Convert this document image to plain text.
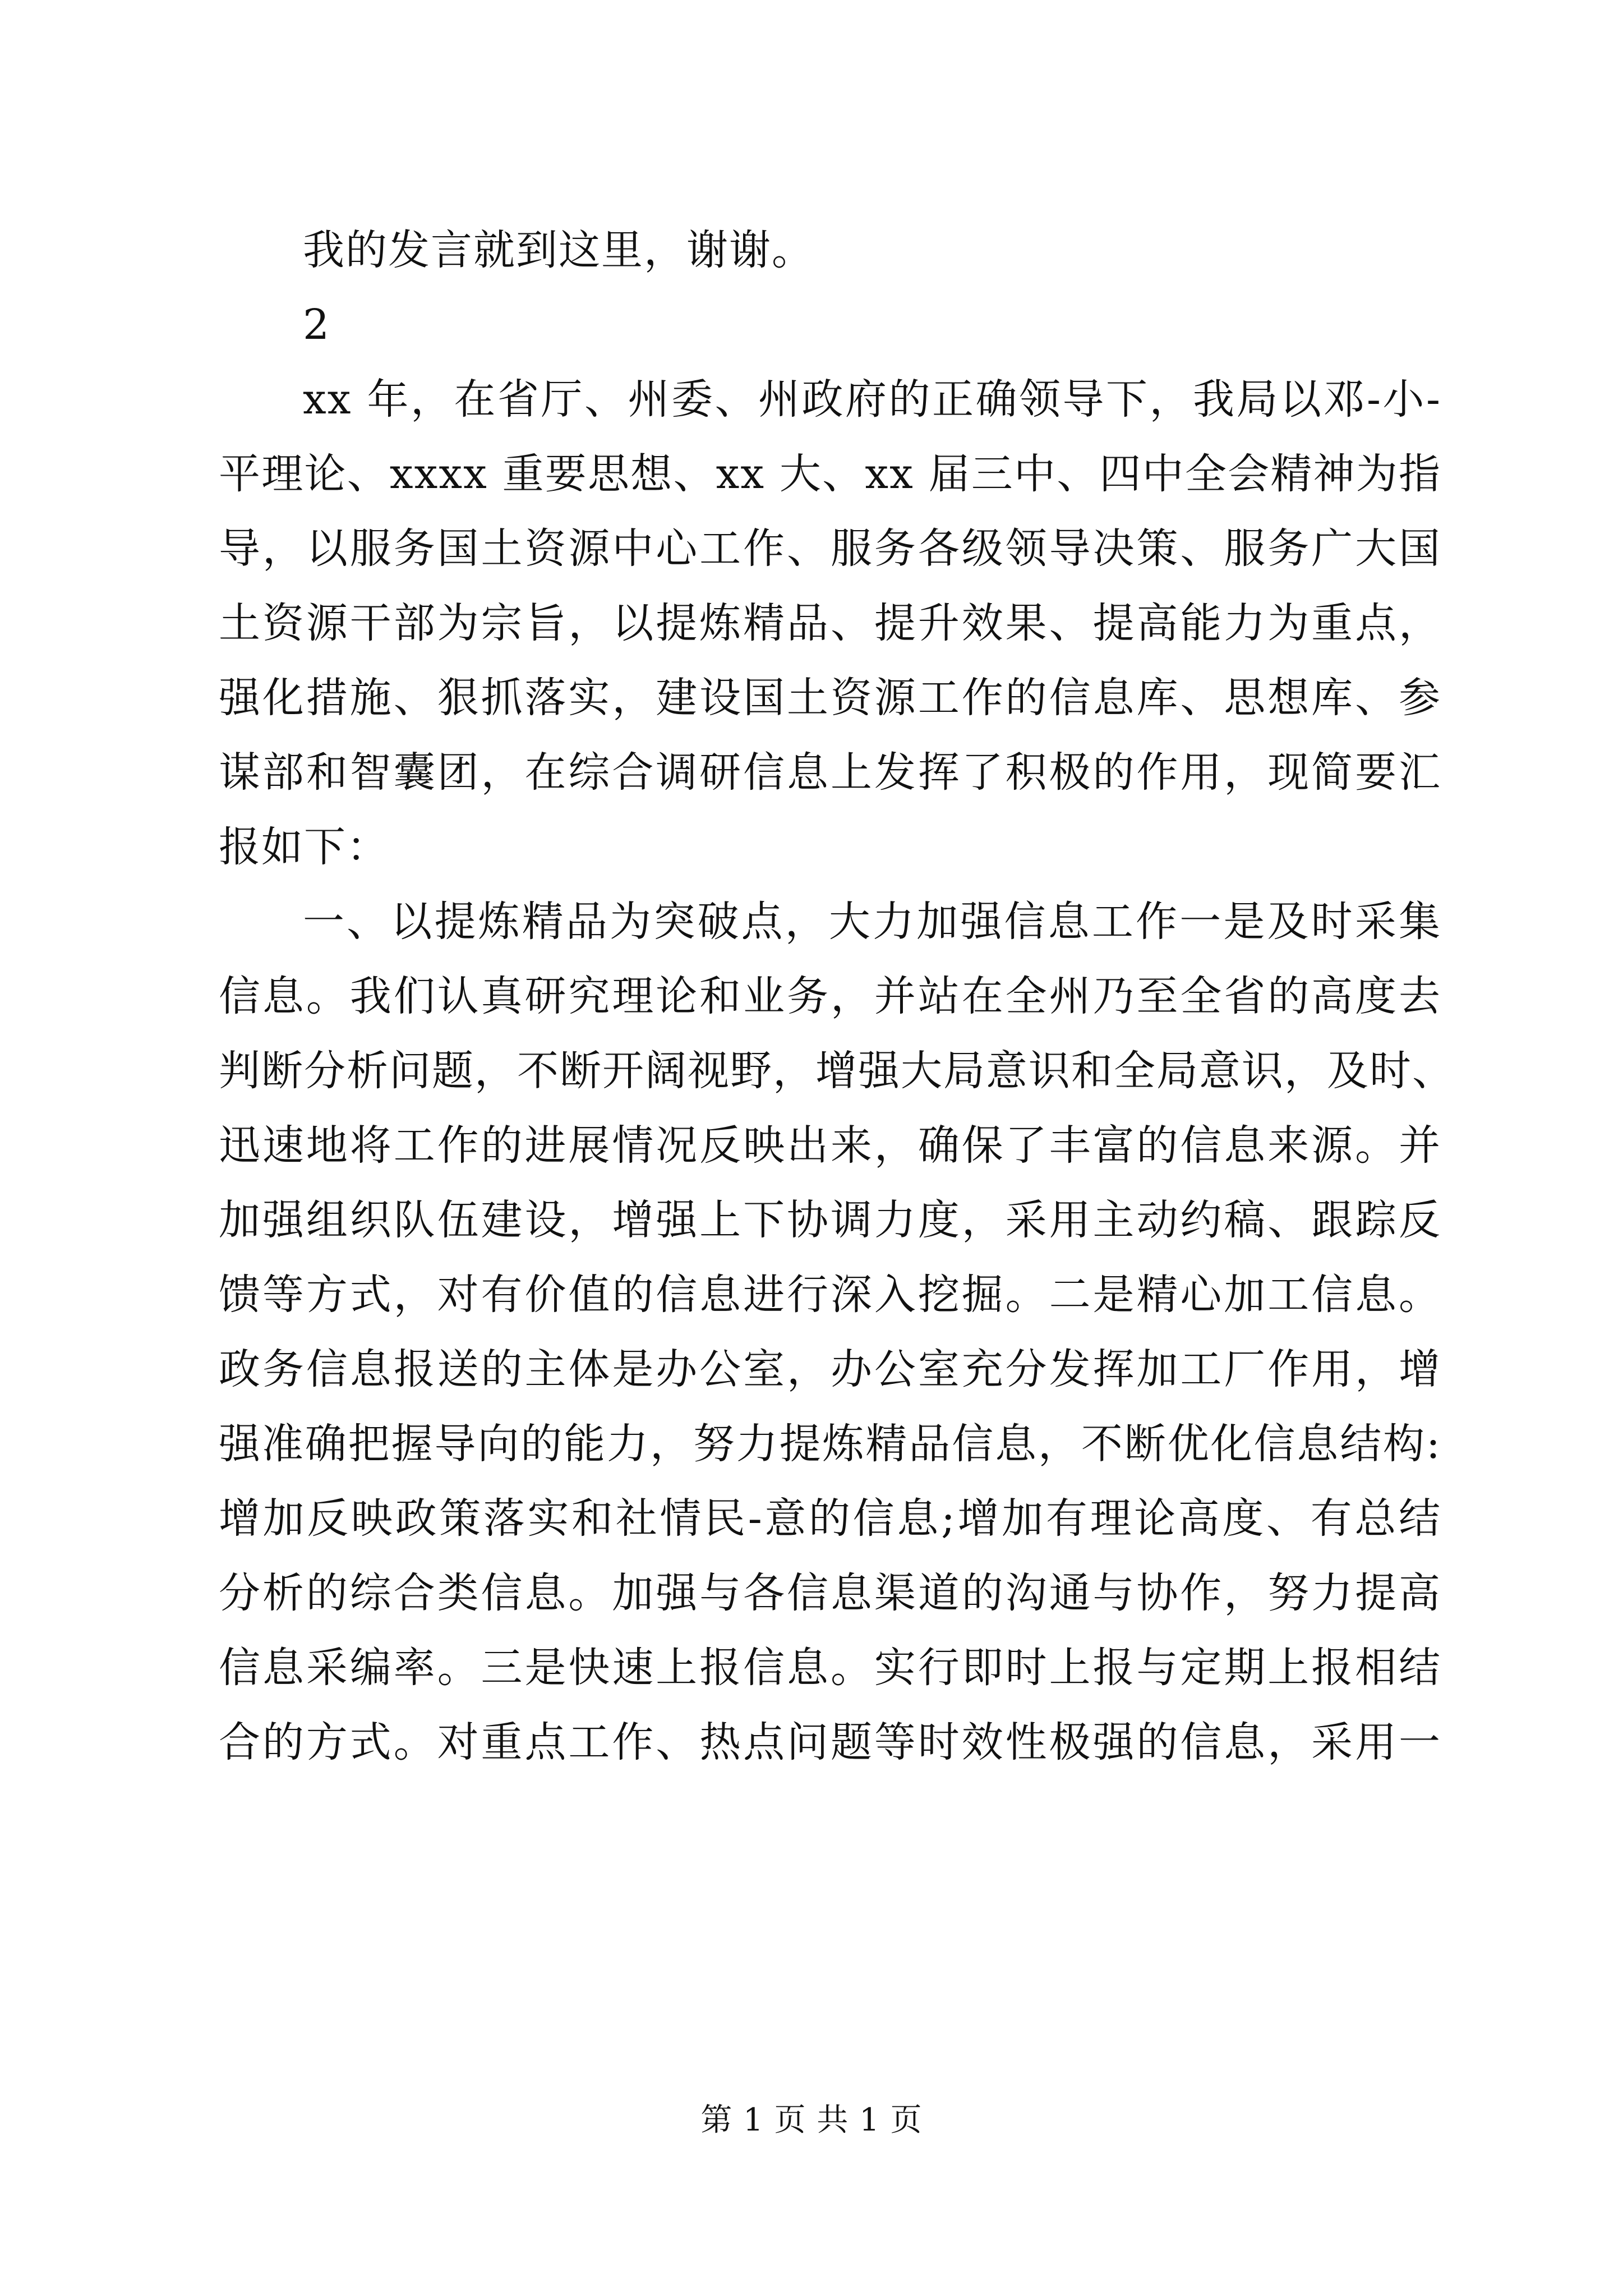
我的发言就到这里，谢谢。
2
xx 年，在省厅、州委、州政府的正确领导下，我局以邓-小-
平理论、xxxx 重要思想、xx 大、xx 届三中、四中全会精神为指
导，以服务国土资源中心工作、服务各级领导决策、服务广大国
土资源干部为宗旨，以提炼精品、提升效果、提高能力为重点，
强化措施、狠抓落实，建设国土资源工作的信息库、思想库、参
谋部和智囊团，在综合调研信息上发挥了积极的作用，现简要汇
报如下：
一、以提炼精品为突破点，大力加强信息工作一是及时采集
信息。我们认真研究理论和业务，并站在全州乃至全省的高度去
判断分析问题，不断开阔视野，增强大局意识和全局意识，及时、
迅速地将工作的进展情况反映出来，确保了丰富的信息来源。并
加强组织队伍建设，增强上下协调力度，采用主动约稿、跟踪反
馈等方式，对有价值的信息进行深入挖掘。二是精心加工信息。
政务信息报送的主体是办公室，办公室充分发挥加工厂作用，增
强准确把握导向的能力，努力提炼精品信息，不断优化信息结构:
增加反映政策落实和社情民-意的信息;增加有理论高度、有总结
分析的综合类信息。加强与各信息渠道的沟通与协作，努力提高
信息采编率。三是快速上报信息。实行即时上报与定期上报相结
合的方式。对重点工作、热点问题等时效性极强的信息，采用一
第 1 页 共 1 页
